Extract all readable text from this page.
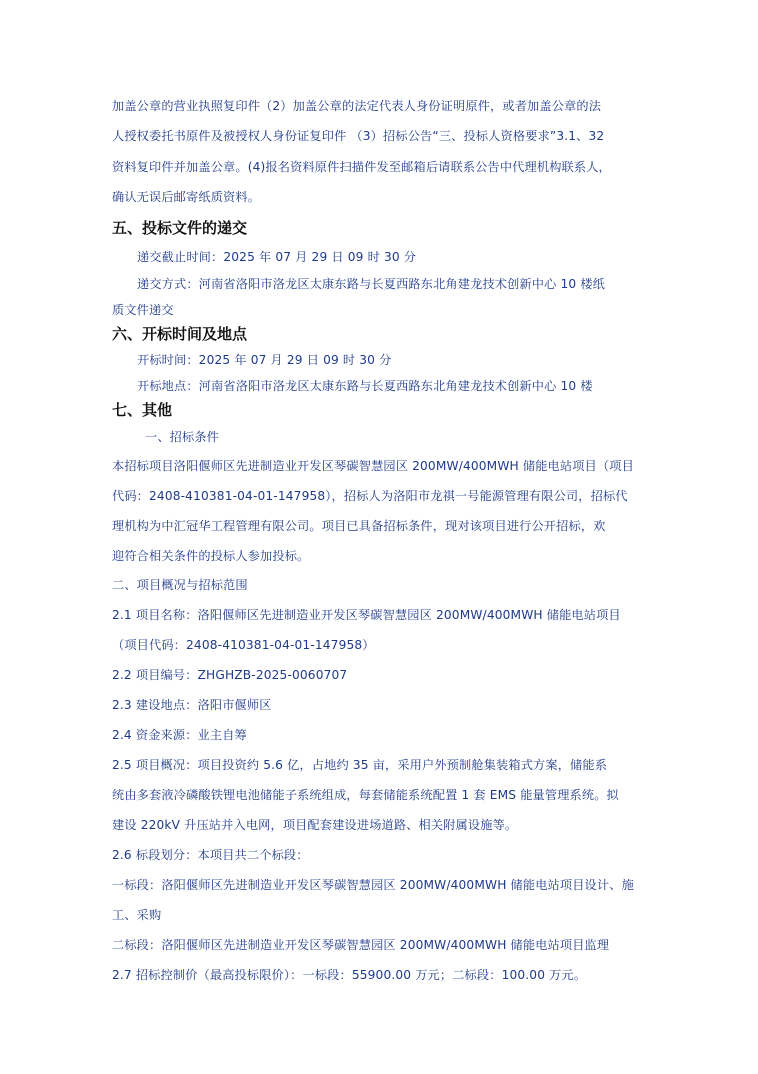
加盖公章的营业执照复印件（2）加盖公章的法定代表人身份证明原件，或者加盖公章的法
人授权委托书原件及被授权人身份证复印件 （3）招标公告“三、投标人资格要求”3.1、32
资料复印件并加盖公章。(4)报名资料原件扫描件发至邮箱后请联系公告中代理机构联系人，
确认无误后邮寄纸质资料。
五、投标文件的递交
递交截止时间：2025 年 07 月 29 日 09 时 30 分
递交方式：河南省洛阳市洛龙区太康东路与长夏西路东北角建龙技术创新中心 10 楼纸
质文件递交
六、开标时间及地点
开标时间：2025 年 07 月 29 日 09 时 30 分
开标地点：河南省洛阳市洛龙区太康东路与长夏西路东北角建龙技术创新中心 10 楼
七、其他
一、招标条件
本招标项目洛阳偃师区先进制造业开发区琴碳智慧园区 200MW/400MWH 储能电站项目（项目
代码：2408-410381-04-01-147958），招标人为洛阳市龙祺一号能源管理有限公司，招标代
理机构为中汇冠华工程管理有限公司。项目已具备招标条件，现对该项目进行公开招标，欢
迎符合相关条件的投标人参加投标。
二、项目概况与招标范围
2.1 项目名称：洛阳偃师区先进制造业开发区琴碳智慧园区 200MW/400MWH 储能电站项目
（项目代码：2408-410381-04-01-147958）
2.2 项目编号：ZHGHZB-2025-0060707
2.3 建设地点：洛阳市偃师区
2.4 资金来源：业主自筹
2.5 项目概况：项目投资约 5.6 亿，占地约 35 亩，采用户外预制舱集装箱式方案，储能系
统由多套液冷磷酸铁锂电池储能子系统组成，每套储能系统配置 1 套 EMS 能量管理系统。拟
建设 220kV 升压站并入电网，项目配套建设进场道路、相关附属设施等。
2.6 标段划分：本项目共二个标段：
一标段：洛阳偃师区先进制造业开发区琴碳智慧园区 200MW/400MWH 储能电站项目设计、施
工、采购
二标段：洛阳偃师区先进制造业开发区琴碳智慧园区 200MW/400MWH 储能电站项目监理
2.7 招标控制价（最高投标限价）：一标段：55900.00 万元；二标段：100.00 万元。
